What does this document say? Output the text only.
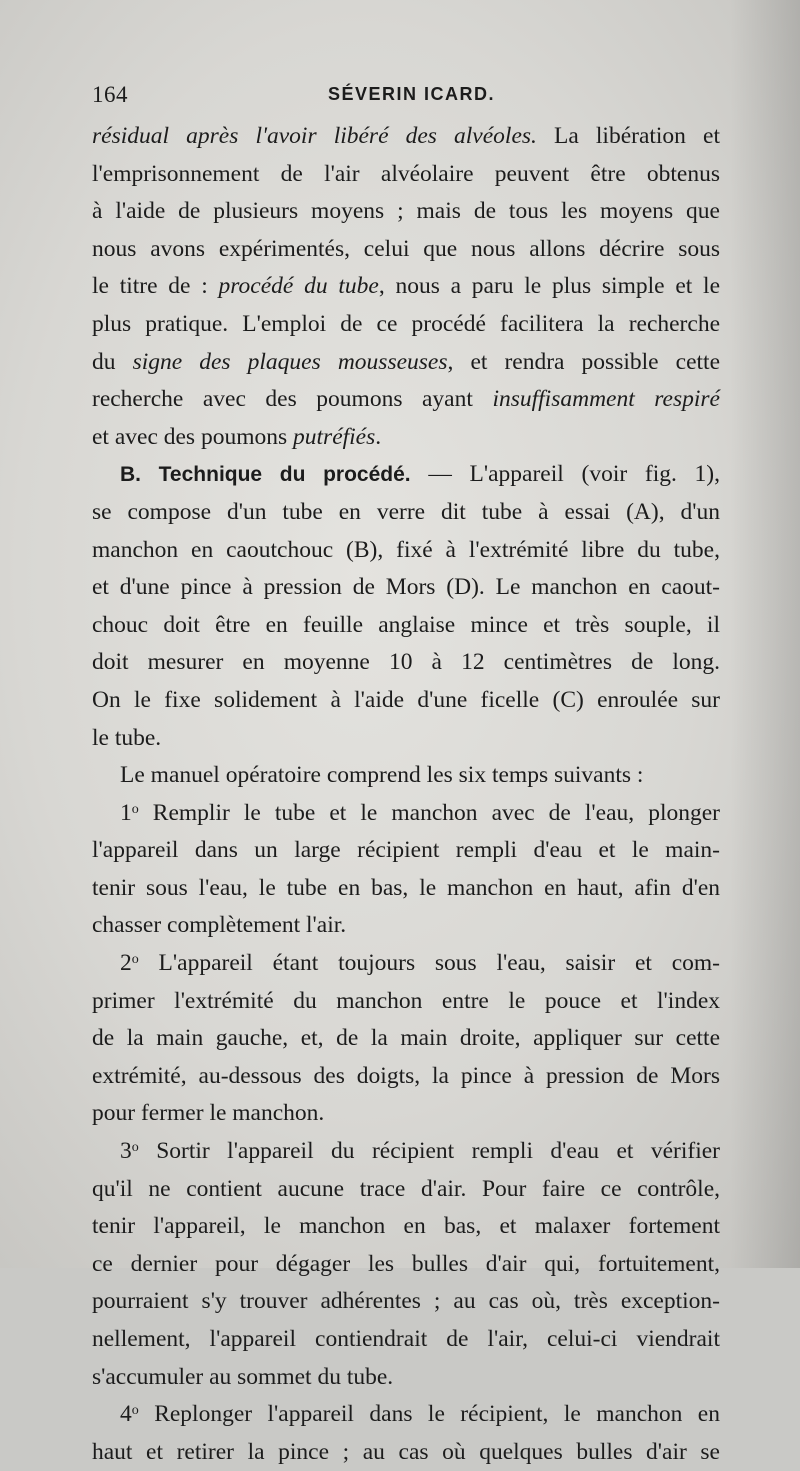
164	SÉVERIN ICARD.
résidual après l'avoir libéré des alvéoles. La libération et
l'emprisonnement de l'air alvéolaire peuvent être obtenus
à l'aide de plusieurs moyens ; mais de tous les moyens que
nous avons expérimentés, celui que nous allons décrire sous
le titre de : procédé du tube, nous a paru le plus simple et le
plus pratique. L'emploi de ce procédé facilitera la recherche
du signe des plaques mousseuses, et rendra possible cette
recherche avec des poumons ayant insuffisamment respiré
et avec des poumons putréfiés.
B. Technique du procédé. — L'appareil (voir fig. 1),
se compose d'un tube en verre dit tube à essai (A), d'un
manchon en caoutchouc (B), fixé à l'extrémité libre du tube,
et d'une pince à pression de Mors (D). Le manchon en caout-
chouc doit être en feuille anglaise mince et très souple, il
doit mesurer en moyenne 10 à 12 centimètres de long.
On le fixe solidement à l'aide d'une ficelle (C) enroulée sur
le tube.
Le manuel opératoire comprend les six temps suivants :
1$^o$ Remplir le tube et le manchon avec de l'eau, plonger
l'appareil dans un large récipient rempli d'eau et le main-
tenir sous l'eau, le tube en bas, le manchon en haut, afin d'en
chasser complètement l'air.
2$^o$ L'appareil étant toujours sous l'eau, saisir et com-
primer l'extrémité du manchon entre le pouce et l'index
de la main gauche, et, de la main droite, appliquer sur cette
extrémité, au-dessous des doigts, la pince à pression de Mors
pour fermer le manchon.
3$^o$ Sortir l'appareil du récipient rempli d'eau et vérifier
qu'il ne contient aucune trace d'air. Pour faire ce contrôle,
tenir l'appareil, le manchon en bas, et malaxer fortement
ce dernier pour dégager les bulles d'air qui, fortuitement,
pourraient s'y trouver adhérentes ; au cas où, très exception-
nellement, l'appareil contiendrait de l'air, celui-ci viendrait
s'accumuler au sommet du tube.
4$^o$ Replonger l'appareil dans le récipient, le manchon en
haut et retirer la pince ; au cas où quelques bulles d'air se
